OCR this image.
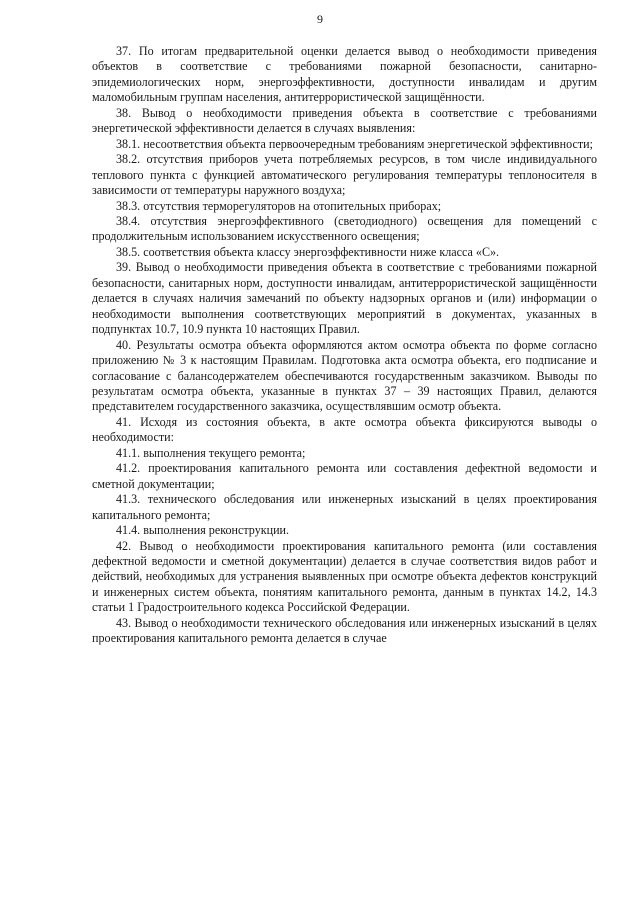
9

37. По итогам предварительной оценки делается вывод о необходимости приведения объектов в соответствие с требованиями пожарной безопасности, санитарно-эпидемиологических норм, энергоэффективности, доступности инвалидам и другим маломобильным группам населения, антитеррористической защищённости.

38. Вывод о необходимости приведения объекта в соответствие с требованиями энергетической эффективности делается в случаях выявления:

38.1. несоответствия объекта первоочередным требованиям энергетической эффективности;

38.2. отсутствия приборов учета потребляемых ресурсов, в том числе индивидуального теплового пункта с функцией автоматического регулирования температуры теплоносителя в зависимости от температуры наружного воздуха;

38.3. отсутствия терморегуляторов на отопительных приборах;

38.4. отсутствия энергоэффективного (светодиодного) освещения для помещений с продолжительным использованием искусственного освещения;

38.5. соответствия объекта классу энергоэффективности ниже класса «C».

39. Вывод о необходимости приведения объекта в соответствие с требованиями пожарной безопасности, санитарных норм, доступности инвалидам, антитеррористической защищённости делается в случаях наличия замечаний по объекту надзорных органов и (или) информации о необходимости выполнения соответствующих мероприятий в документах, указанных в подпунктах 10.7, 10.9 пункта 10 настоящих Правил.

40. Результаты осмотра объекта оформляются актом осмотра объекта по форме согласно приложению № 3 к настоящим Правилам. Подготовка акта осмотра объекта, его подписание и согласование с балансодержателем обеспечиваются государственным заказчиком. Выводы по результатам осмотра объекта, указанные в пунктах 37 – 39 настоящих Правил, делаются представителем государственного заказчика, осуществлявшим осмотр объекта.

41. Исходя из состояния объекта, в акте осмотра объекта фиксируются выводы о необходимости:

41.1. выполнения текущего ремонта;

41.2. проектирования капитального ремонта или составления дефектной ведомости и сметной документации;

41.3. технического обследования или инженерных изысканий в целях проектирования капитального ремонта;

41.4. выполнения реконструкции.

42. Вывод о необходимости проектирования капитального ремонта (или составления дефектной ведомости и сметной документации) делается в случае соответствия видов работ и действий, необходимых для устранения выявленных при осмотре объекта дефектов конструкций и инженерных систем объекта, понятиям капитального ремонта, данным в пунктах 14.2, 14.3 статьи 1 Градостроительного кодекса Российской Федерации.

43. Вывод о необходимости технического обследования или инженерных изысканий в целях проектирования капитального ремонта делается в случае
